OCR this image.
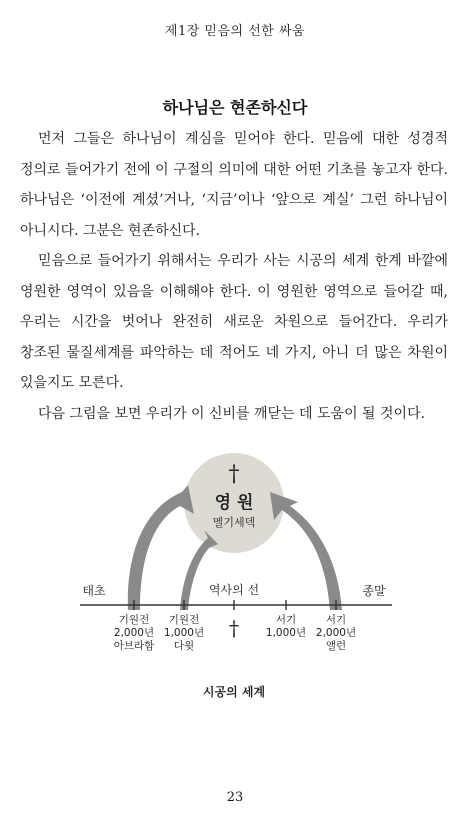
제1장 믿음의 선한 싸움
하나님은 현존하신다

먼저 그들은 하나님이 계심을 믿어야 한다. 믿음에 대한 성경적 정의로 들어가기 전에 이 구절의 의미에 대한 어떤 기초를 놓고자 한다. 하나님은 ‘이전에 계셨’거나, ‘지금’이나 ‘앞으로 계실’ 그런 하나님이 아니시다. 그분은 현존하신다.

믿음으로 들어가기 위해서는 우리가 사는 시공의 세계 한계 바깥에 영원한 영역이 있음을 이해해야 한다. 이 영원한 영역으로 들어갈 때, 우리는 시간을 벗어나 완전히 새로운 차원으로 들어간다. 우리가 창조된 물질세계를 파악하는 데 적어도 네 가지, 아니 더 많은 차원이 있을지도 모른다.

다음 그림을 보면 우리가 이 신비를 깨닫는 데 도움이 될 것이다.

†
영 원
멜기세덱
태초	종말
역사의 선
기원전
2,000년
아브라함
기원전
1,000년
다윗
†	서기
1,000년
서기
2,000년
앨런
시공의 세계
23
